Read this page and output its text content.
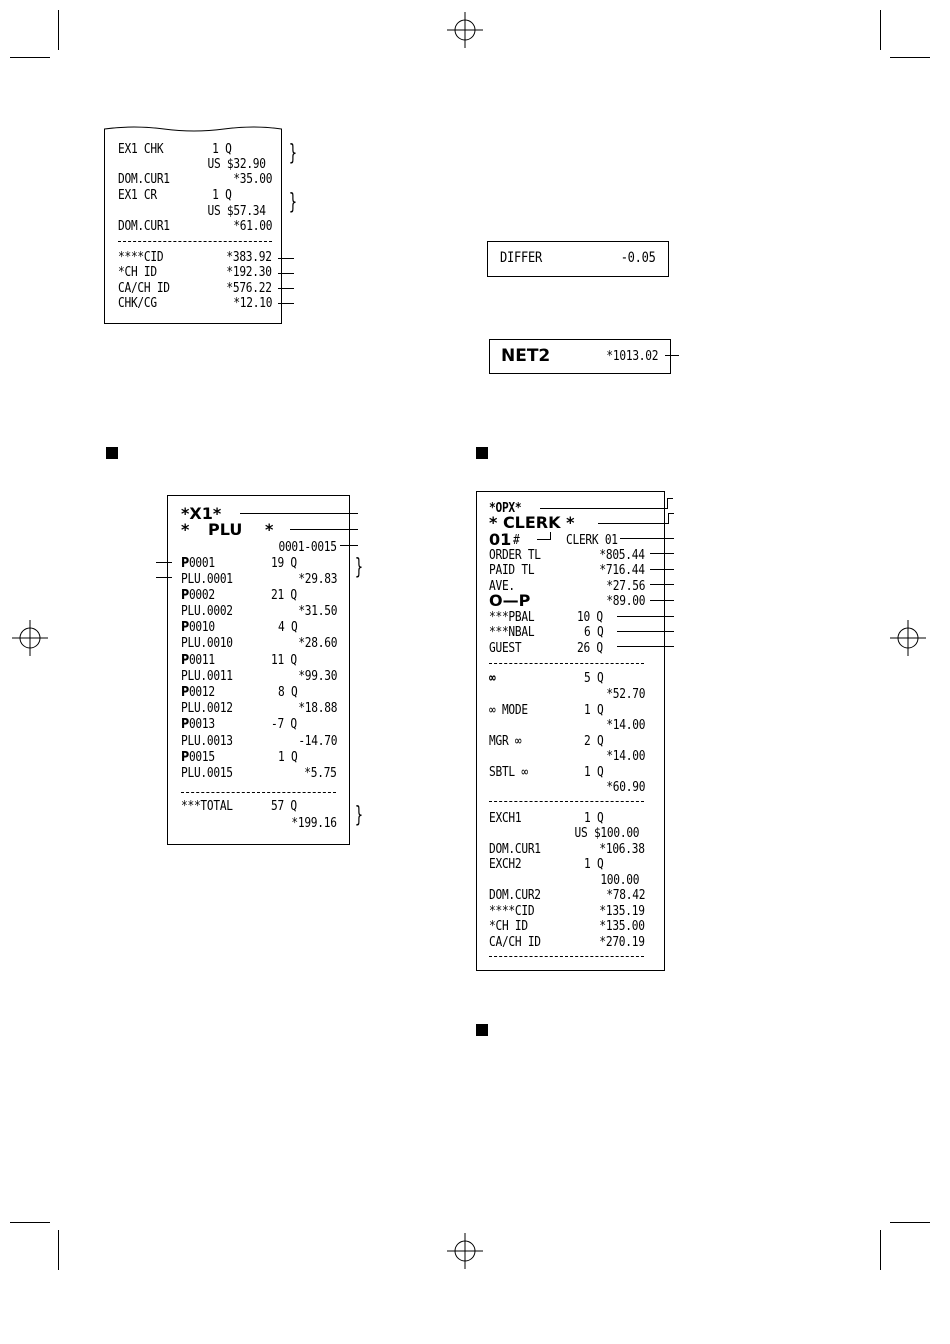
EX1 CHK	1 Q
US $32.90
DOM.CUR1	*35.00
EX1 CR	1 Q
US $57.34
DOM.CUR1	*61.00
****CID	*383.92
*CH ID	*192.30
CA/CH ID	*576.22
CHK/CG	*12.10
}
}
DIFFER	-0.05
NET2	*1013.02
*X1*
* PLU *
0001-0015
P0001	19 Q
PLU.0001	*29.83
P0002	21 Q
PLU.0002	*31.50
P0010	4 Q
PLU.0010	*28.60
P0011	11 Q
PLU.0011	*99.30
P0012	8 Q
PLU.0012	*18.88
P0013	-7 Q
PLU.0013	-14.70
P0015	1 Q
PLU.0015	*5.75
***TOTAL	57 Q
*199.16
}
}
*OPX*
* CLERK *
01 #	CLERK 01
ORDER TL	*805.44
PAID TL	*716.44
AVE.	*27.56
O—P	*89.00
***PBAL	10 Q
***NBAL	6 Q
GUEST	26 Q
∞	5 Q
*52.70
∞ MODE	1 Q
*14.00
MGR ∞	2 Q
*14.00
SBTL ∞	1 Q
*60.90
EXCH1	1 Q
US $100.00
DOM.CUR1	*106.38
EXCH2	1 Q
100.00
DOM.CUR2	*78.42
****CID	*135.19
*CH ID	*135.00
CA/CH ID	*270.19
